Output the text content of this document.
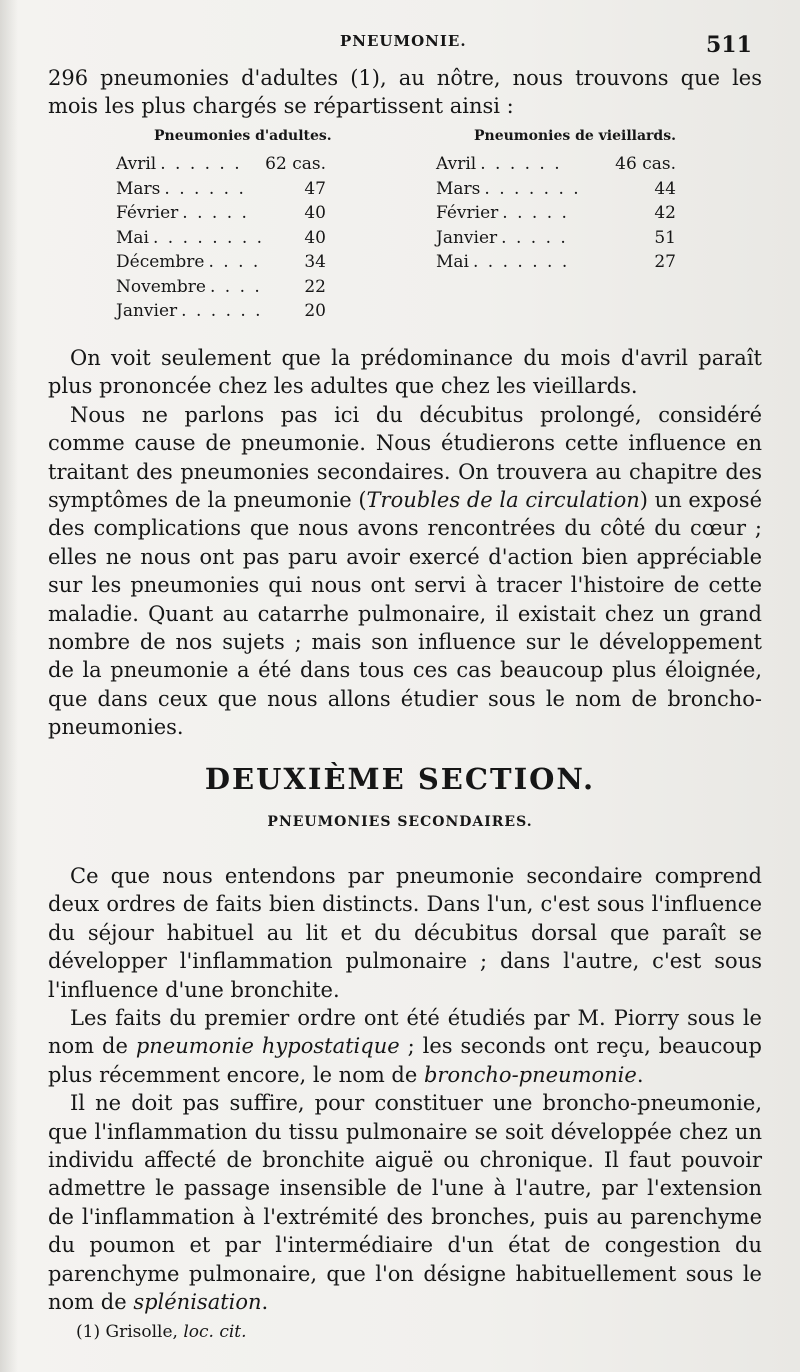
PNEUMONIE.	511

296 pneumonies d'adultes (1), au nôtre, nous trouvons que les mois les plus chargés se répartissent ainsi :

Pneumonies d'adultes.
Avril . . . . . . 62 cas.
Mars . . . . . .	47
Février . . . . .	40
Mai . . . . . . . . 40
Décembre . . . .	34
Novembre . . . .	22
Janvier . . . . . . 20
Pneumonies de vieillards.
Avril . . . . . .	46 cas.
Mars . . . . . . .	44
Février . . . . .	42
Janvier . . . . .	51
Mai . . . . . . .	27

On voit seulement que la prédominance du mois d'avril paraît plus prononcée chez les adultes que chez les vieillards.

Nous ne parlons pas ici du décubitus prolongé, considéré comme cause de pneumonie. Nous étudierons cette influence en traitant des pneumonies secondaires. On trouvera au chapitre des symptômes de la pneumonie (Troubles de la circulation) un exposé des complications que nous avons rencontrées du côté du cœur ; elles ne nous ont pas paru avoir exercé d'action bien appréciable sur les pneumonies qui nous ont servi à tracer l'histoire de cette maladie. Quant au catarrhe pulmonaire, il existait chez un grand nombre de nos sujets ; mais son influence sur le développement de la pneumonie a été dans tous ces cas beaucoup plus éloignée, que dans ceux que nous allons étudier sous le nom de broncho-pneumonies.

DEUXIÈME SECTION.
PNEUMONIES SECONDAIRES.

Ce que nous entendons par pneumonie secondaire comprend deux ordres de faits bien distincts. Dans l'un, c'est sous l'influence du séjour habituel au lit et du décubitus dorsal que paraît se développer l'inflammation pulmonaire ; dans l'autre, c'est sous l'influence d'une bronchite.

Les faits du premier ordre ont été étudiés par M. Piorry sous le nom de pneumonie hypostatique ; les seconds ont reçu, beaucoup plus récemment encore, le nom de broncho-pneumonie.

Il ne doit pas suffire, pour constituer une broncho-pneumonie, que l'inflammation du tissu pulmonaire se soit développée chez un individu affecté de bronchite aiguë ou chronique. Il faut pouvoir admettre le passage insensible de l'une à l'autre, par l'extension de l'inflammation à l'extrémité des bronches, puis au parenchyme du poumon et par l'intermédiaire d'un état de congestion du parenchyme pulmonaire, que l'on désigne habituellement sous le nom de splénisation.

(1) Grisolle, loc. cit.
